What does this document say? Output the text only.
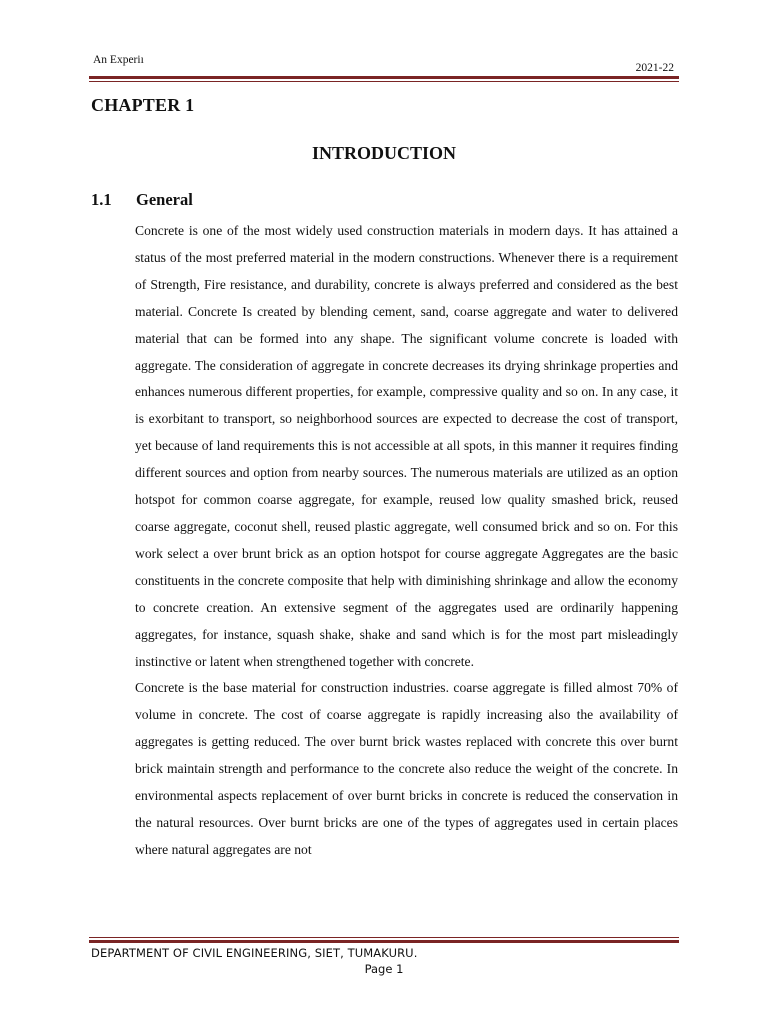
An Experiı
2021-22
CHAPTER 1
INTRODUCTION
1.1 General

Concrete is one of the most widely used construction materials in modern days. It has attained a status of the most preferred material in the modern constructions. Whenever there is a requirement of Strength, Fire resistance, and durability, concrete is always preferred and considered as the best material. Concrete Is created by blending cement, sand, coarse aggregate and water to delivered material that can be formed into any shape. The significant volume concrete is loaded with aggregate. The consideration of aggregate in concrete decreases its drying shrinkage properties and enhances numerous different properties, for example, compressive quality and so on. In any case, it is exorbitant to transport, so neighborhood sources are expected to decrease the cost of transport, yet because of land requirements this is not accessible at all spots, in this manner it requires finding different sources and option from nearby sources. The numerous materials are utilized as an option hotspot for common coarse aggregate, for example, reused low quality smashed brick, reused coarse aggregate, coconut shell, reused plastic aggregate, well consumed brick and so on. For this work select a over brunt brick as an option hotspot for course aggregate Aggregates are the basic constituents in the concrete composite that help with diminishing shrinkage and allow the economy to concrete creation. An extensive segment of the aggregates used are ordinarily happening aggregates, for instance, squash shake, shake and sand which is for the most part misleadingly instinctive or latent when strengthened together with concrete.

Concrete is the base material for construction industries. coarse aggregate is filled almost 70% of volume in concrete. The cost of coarse aggregate is rapidly increasing also the availability of aggregates is getting reduced. The over burnt brick wastes replaced with concrete this over burnt brick maintain strength and performance to the concrete also reduce the weight of the concrete. In environmental aspects replacement of over burnt bricks in concrete is reduced the conservation in the natural resources. Over burnt bricks are one of the types of aggregates used in certain places where natural aggregates are not

DEPARTMENT OF CIVIL ENGINEERING, SIET, TUMAKURU.
Page 1
